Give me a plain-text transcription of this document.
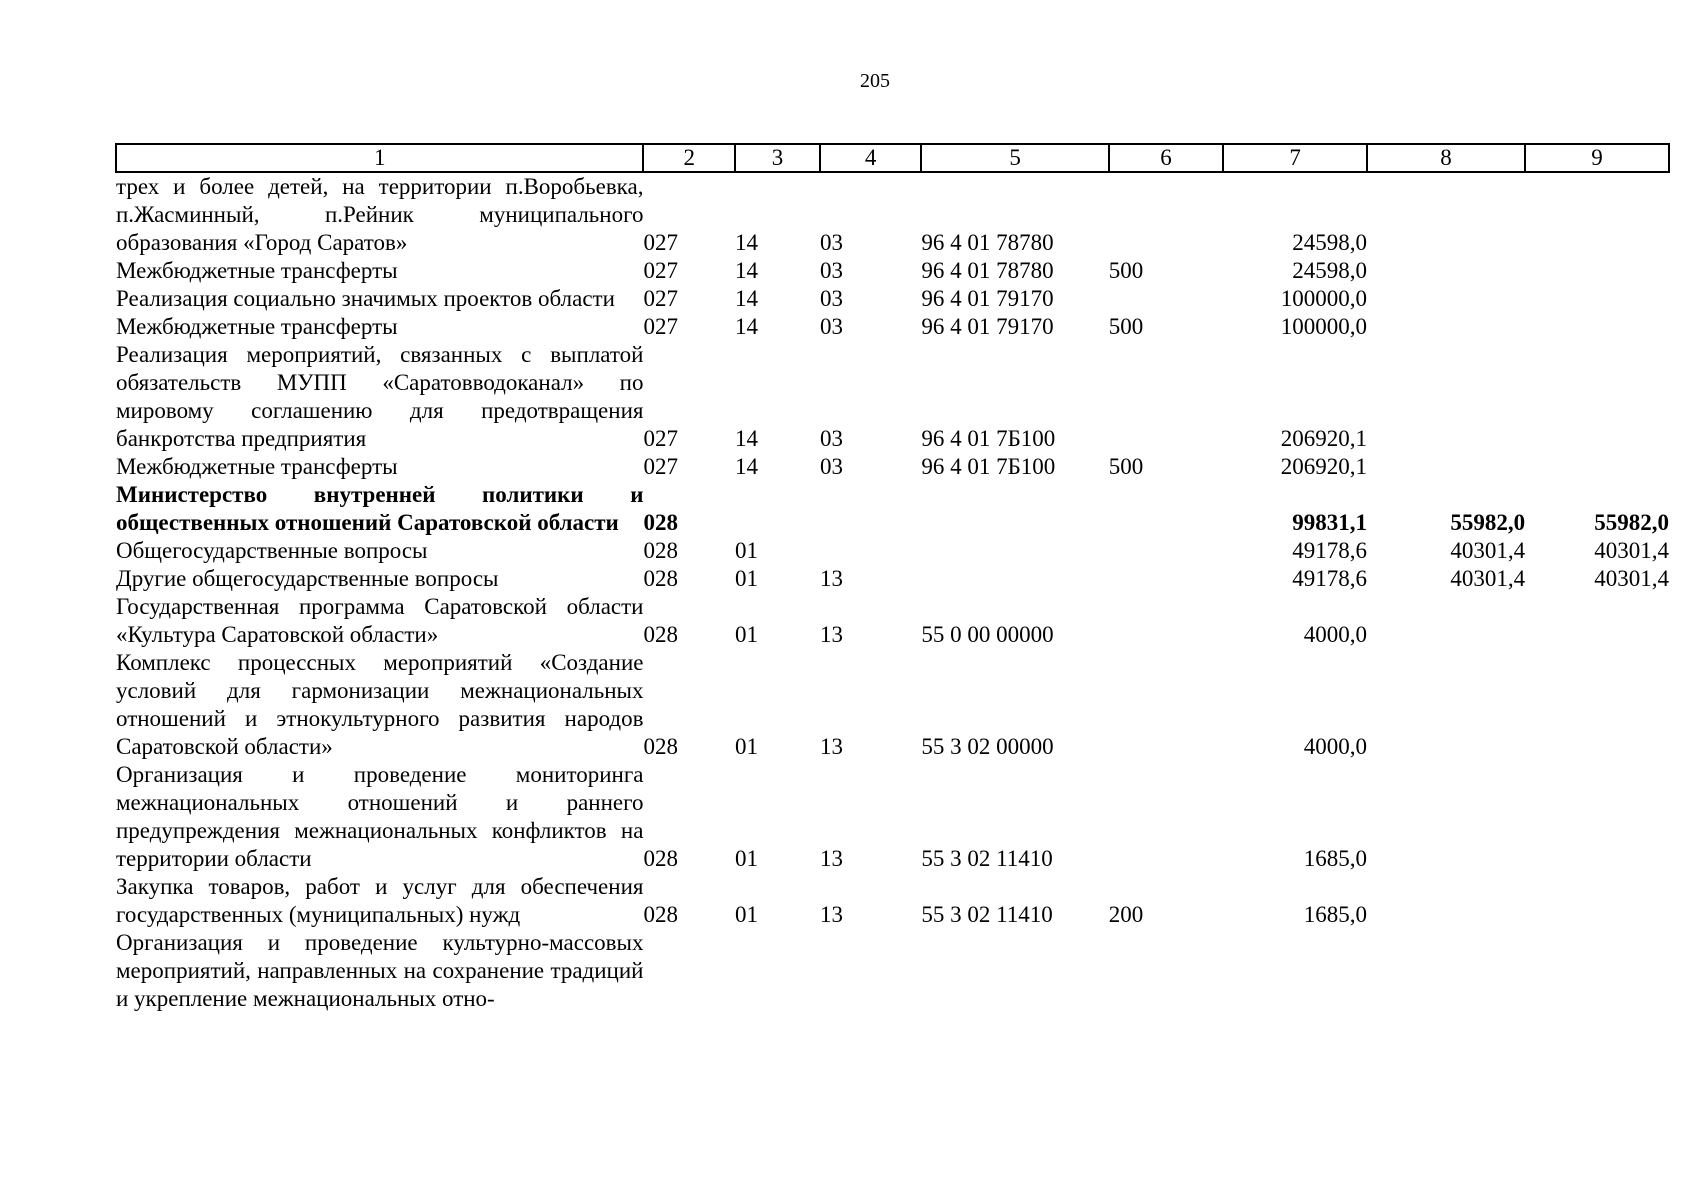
205
1	2	3	4	5	6	7	8	9
трех и более детей, на территории п.Воробьевка, п.Жасминный, п.Рейник муниципального образования «Город Саратов»	027	14	03	96 4 01 78780		24598,0		
Межбюджетные трансферты	027	14	03	96 4 01 78780	500	24598,0		
Реализация социально значимых проектов области	027	14	03	96 4 01 79170		100000,0		
Межбюджетные трансферты	027	14	03	96 4 01 79170	500	100000,0		
Реализация мероприятий, связанных с выплатой обязательств МУПП «Саратовводоканал» по мировому соглашению для предотвращения банкротства предприятия	027	14	03	96 4 01 7Б100		206920,1		
Межбюджетные трансферты	027	14	03	96 4 01 7Б100	500	206920,1		
Министерство внутренней политики и общественных отношений Саратовской области	028					99831,1	55982,0	55982,0
Общегосударственные вопросы	028	01				49178,6	40301,4	40301,4
Другие общегосударственные вопросы	028	01	13			49178,6	40301,4	40301,4
Государственная программа Саратовской области «Культура Саратовской области»	028	01	13	55 0 00 00000		4000,0		
Комплекс процессных мероприятий «Создание условий для гармонизации межнациональных отношений и этнокультурного развития народов Саратовской области»	028	01	13	55 3 02 00000		4000,0		
Организация и проведение мониторинга межнациональных отношений и раннего предупреждения межнациональных конфликтов на территории области	028	01	13	55 3 02 11410		1685,0		
Закупка товаров, работ и услуг для обеспечения государственных (муниципальных) нужд	028	01	13	55 3 02 11410	200	1685,0		
Организация и проведение культурно-массовых мероприятий, направленных на сохранение традиций и укрепление межнациональных отно-								
